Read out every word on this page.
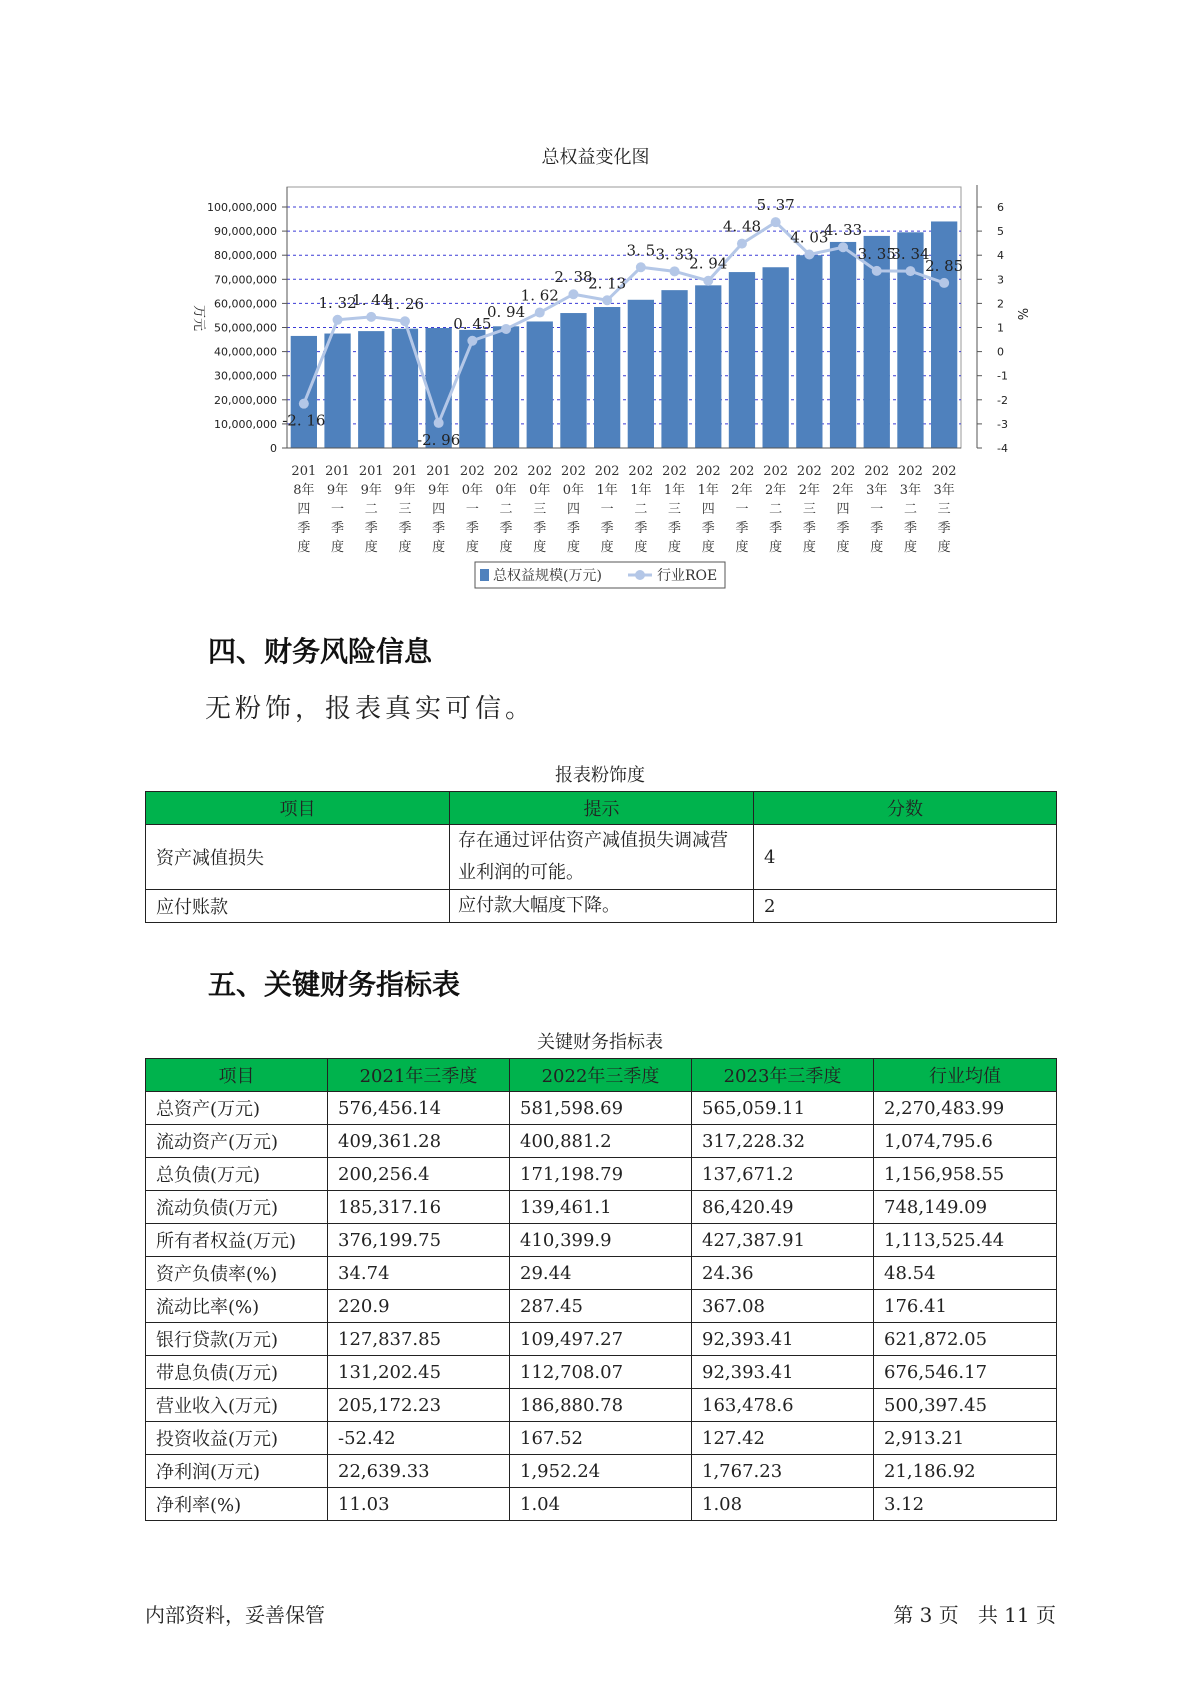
总权益变化图
0
10,000,000
20,000,000
30,000,000
40,000,000
50,000,000
60,000,000
70,000,000
80,000,000
90,000,000
100,000,000
-4
-3
-2
-1
0
1
2
3
4
5
6
万元	%
201
8年
四
季
度
201
9年
一
季
度
201
9年
二
季
度
201
9年
三
季
度
201
9年
四
季
度
202
0年
一
季
度
202
0年
二
季
度
202
0年
三
季
度
202
0年
四
季
度
202
1年
一
季
度
202
1年
二
季
度
202
1年
三
季
度
202
1年
四
季
度
202
2年
一
季
度
202
2年
二
季
度
202
2年
三
季
度
202
2年
四
季
度
202
3年
一
季
度
202
3年
二
季
度
202
3年
三
季
度
-2. 16
1. 32
1. 44
1. 26
-2. 96
0. 45
0. 94
1. 62
2. 38
2. 13
3. 5 3. 33
2. 94
4. 48
5. 37
4. 03
4. 33
3. 35
3. 34
2. 85
总权益规模(万元)	行业ROE
四、财务风险信息
无粉饰，报表真实可信。
报表粉饰度
项目	提示	分数
资产减值损失	存在通过评估资产减值损失调减营业利润的可能。	4
应付账款	应付款大幅度下降。	2
五、关键财务指标表
关键财务指标表
项目	2021年三季度	2022年三季度	2023年三季度	行业均值
总资产(万元)	576,456.14	581,598.69	565,059.11	2,270,483.99
流动资产(万元)	409,361.28	400,881.2	317,228.32	1,074,795.6
总负债(万元)	200,256.4	171,198.79	137,671.2	1,156,958.55
流动负债(万元)	185,317.16	139,461.1	86,420.49	748,149.09
所有者权益(万元)	376,199.75	410,399.9	427,387.91	1,113,525.44
资产负债率(%)	34.74	29.44	24.36	48.54
流动比率(%)	220.9	287.45	367.08	176.41
银行贷款(万元)	127,837.85	109,497.27	92,393.41	621,872.05
带息负债(万元)	131,202.45	112,708.07	92,393.41	676,546.17
营业收入(万元)	205,172.23	186,880.78	163,478.6	500,397.45
投资收益(万元)	-52.42	167.52	127.42	2,913.21
净利润(万元)	22,639.33	1,952.24	1,767.23	21,186.92
净利率(%)	11.03	1.04	1.08	3.12
内部资料，妥善保管	第 3 页   共 11 页
